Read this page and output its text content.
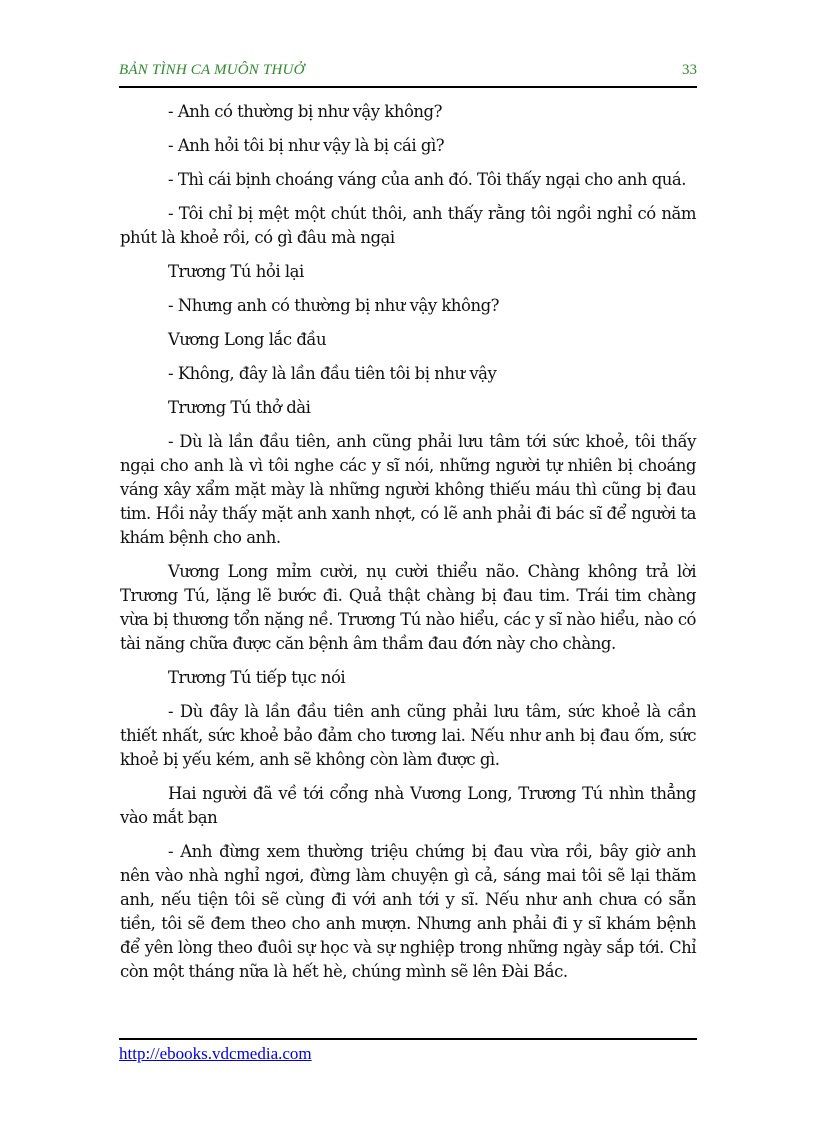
BẢN TÌNH CA MUÔN THUỞ	33

- Anh có thường bị như vậy không?

- Anh hỏi tôi bị như vậy là bị cái gì?

- Thì cái bịnh choáng váng của anh đó. Tôi thấy ngại cho anh quá.

- Tôi chỉ bị mệt một chút thôi, anh thấy rằng tôi ngồi nghỉ có năm phút là khoẻ rồi, có gì đâu mà ngại

Trương Tú hỏi lại

- Nhưng anh có thường bị như vậy không?

Vương Long lắc đầu

- Không, đây là lần đầu tiên tôi bị như vậy

Trương Tú thở dài

- Dù là lần đầu tiên, anh cũng phải lưu tâm tới sức khoẻ, tôi thấy ngại cho anh là vì tôi nghe các y sĩ nói, những người tự nhiên bị choáng váng xây xẩm mặt mày là những người không thiếu máu thì cũng bị đau tim. Hồi nảy thấy mặt anh xanh nhợt, có lẽ anh phải đi bác sĩ để người ta khám bệnh cho anh.

Vương Long mỉm cười, nụ cười thiểu não. Chàng không trả lời Trương Tú, lặng lẽ bước đi. Quả thật chàng bị đau tim. Trái tim chàng vừa bị thương tổn nặng nề. Trương Tú nào hiểu, các y sĩ nào hiểu, nào có tài năng chữa được căn bệnh âm thầm đau đớn này cho chàng.

Trương Tú tiếp tục nói

- Dù đây là lần đầu tiên anh cũng phải lưu tâm, sức khoẻ là cần thiết nhất, sức khoẻ bảo đảm cho tương lai. Nếu như anh bị đau ốm, sức khoẻ bị yếu kém, anh sẽ không còn làm được gì.

Hai người đã về tới cổng nhà Vương Long, Trương Tú nhìn thẳng vào mắt bạn

- Anh đừng xem thường triệu chứng bị đau vừa rồi, bây giờ anh nên vào nhà nghỉ ngơi, đừng làm chuyện gì cả, sáng mai tôi sẽ lại thăm anh, nếu tiện tôi sẽ cùng đi với anh tới y sĩ. Nếu như anh chưa có sẵn tiền, tôi sẽ đem theo cho anh mượn. Nhưng anh phải đi y sĩ khám bệnh để yên lòng theo đuôi sự học và sự nghiệp trong những ngày sắp tới. Chỉ còn một tháng nữa là hết hè, chúng mình sẽ lên Đài Bắc.

http://ebooks.vdcmedia.com
